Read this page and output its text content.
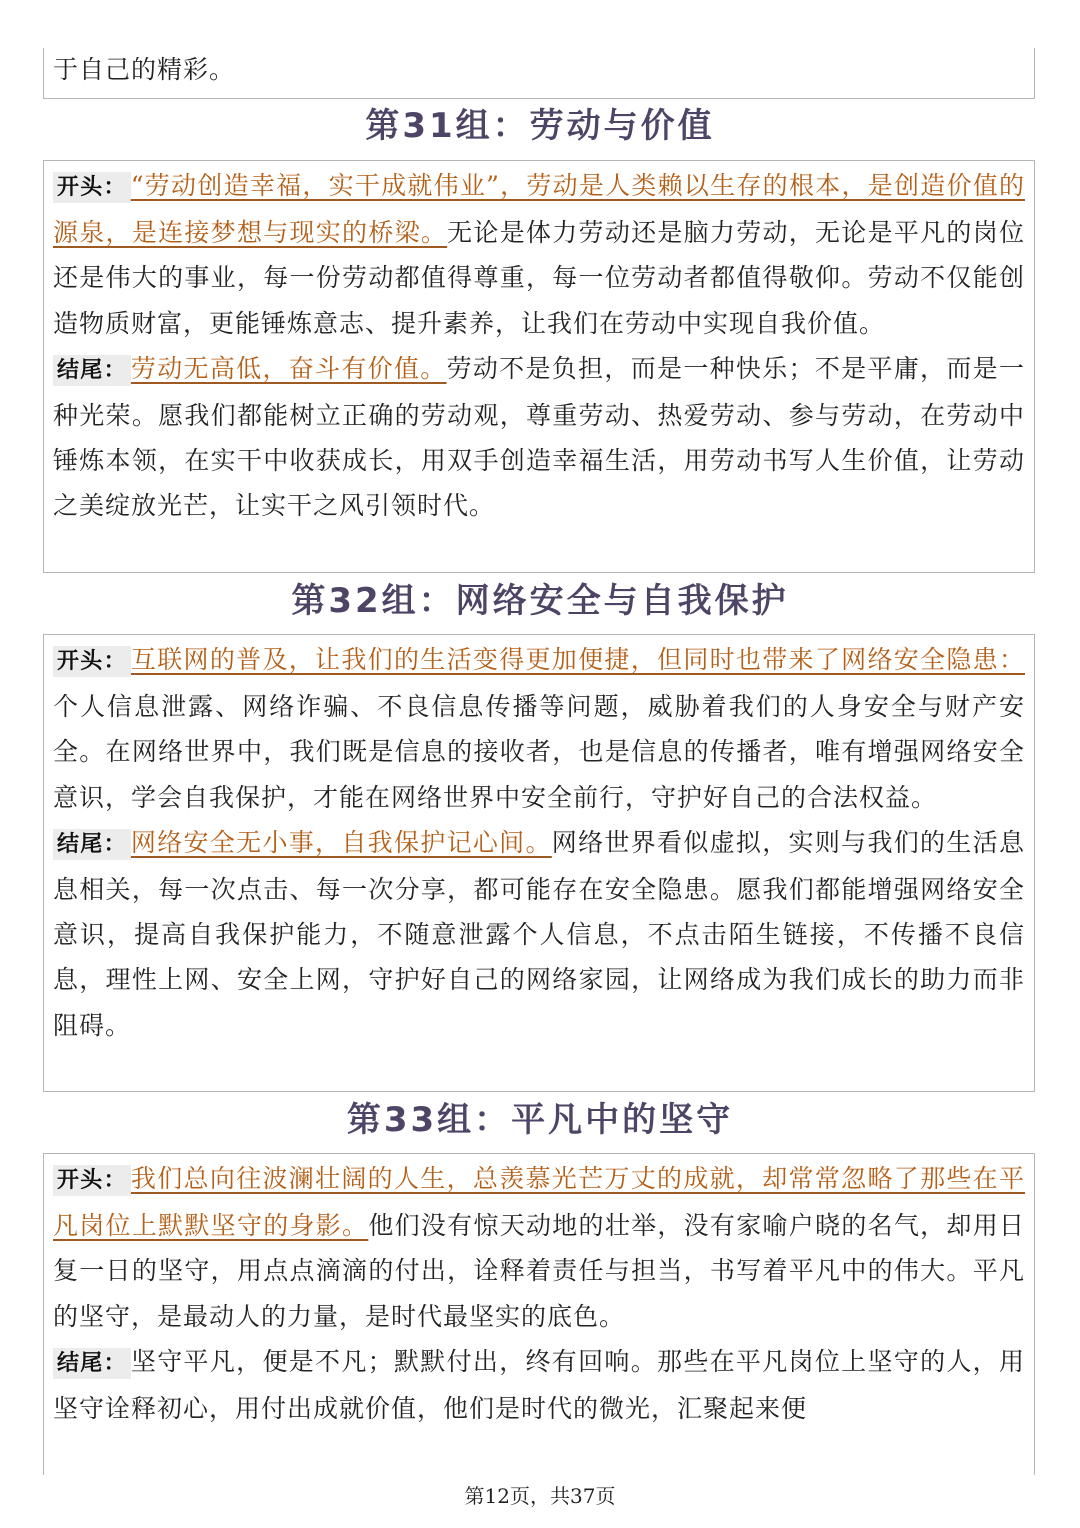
于自己的精彩。

第31组：劳动与价值

开头： “劳动创造幸福，实干成就伟业”，劳动是人类赖以生存的根本，是创造价值的源泉，是连接梦想与现实的桥梁。无论是体力劳动还是脑力劳动，无论是平凡的岗位还是伟大的事业，每一份劳动都值得尊重，每一位劳动者都值得敬仰。劳动不仅能创造物质财富，更能锤炼意志、提升素养，让我们在劳动中实现自我价值。

结尾： 劳动无高低，奋斗有价值。劳动不是负担，而是一种快乐；不是平庸，而是一种光荣。愿我们都能树立正确的劳动观，尊重劳动、热爱劳动、参与劳动，在劳动中锤炼本领，在实干中收获成长，用双手创造幸福生活，用劳动书写人生价值，让劳动之美绽放光芒，让实干之风引领时代。

第32组：网络安全与自我保护

开头： 互联网的普及，让我们的生活变得更加便捷，但同时也带来了网络安全隐患：个人信息泄露、网络诈骗、不良信息传播等问题，威胁着我们的人身安全与财产安全。在网络世界中，我们既是信息的接收者，也是信息的传播者，唯有增强网络安全意识，学会自我保护，才能在网络世界中安全前行，守护好自己的合法权益。

结尾： 网络安全无小事，自我保护记心间。网络世界看似虚拟，实则与我们的生活息息相关，每一次点击、每一次分享，都可能存在安全隐患。愿我们都能增强网络安全意识，提高自我保护能力，不随意泄露个人信息，不点击陌生链接，不传播不良信息，理性上网、安全上网，守护好自己的网络家园，让网络成为我们成长的助力而非阻碍。

第33组：平凡中的坚守

开头： 我们总向往波澜壮阔的人生，总羡慕光芒万丈的成就，却常常忽略了那些在平凡岗位上默默坚守的身影。他们没有惊天动地的壮举，没有家喻户晓的名气，却用日复一日的坚守，用点点滴滴的付出，诠释着责任与担当，书写着平凡中的伟大。平凡的坚守，是最动人的力量，是时代最坚实的底色。

结尾： 坚守平凡，便是不凡；默默付出，终有回响。那些在平凡岗位上坚守的人，用坚守诠释初心，用付出成就价值，他们是时代的微光，汇聚起来便

第12页，共37页
